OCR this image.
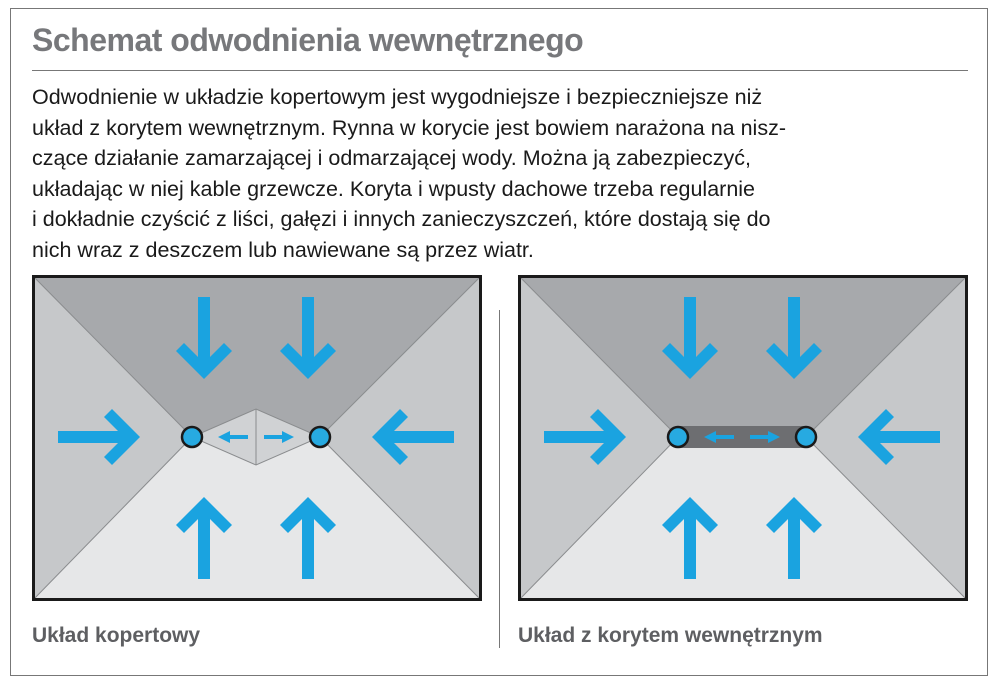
Schemat odwodnienia wewnętrznego
Odwodnienie w układzie kopertowym jest wygodniejsze i bezpieczniejsze niż
układ z korytem wewnętrznym. Rynna w korycie jest bowiem narażona na nisz-
czące działanie zamarzającej i odmarzającej wody. Można ją zabezpieczyć,
układając w niej kable grzewcze. Koryta i wpusty dachowe trzeba regularnie
i dokładnie czyścić z liści, gałęzi i innych zanieczyszczeń, które dostają się do
nich wraz z deszczem lub nawiewane są przez wiatr.
Układ kopertowy	Układ z korytem wewnętrznym
